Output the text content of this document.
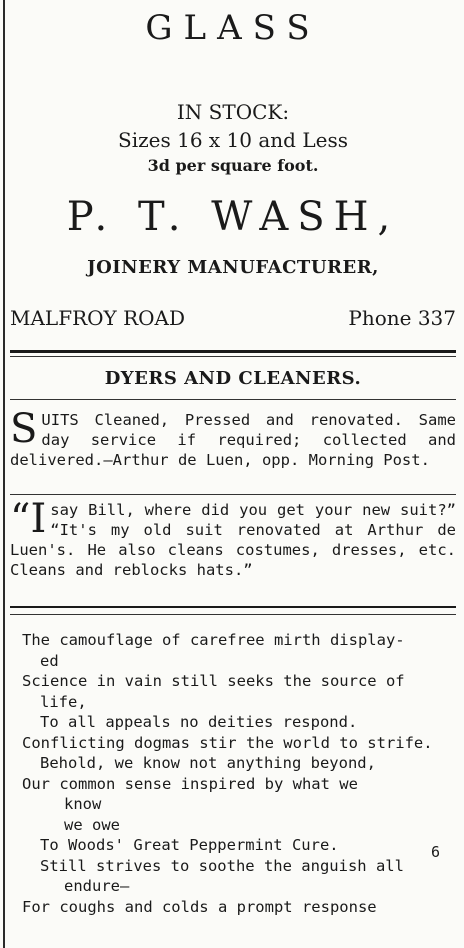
GLASS
IN STOCK:
Sizes 16 x 10 and Less
3d per square foot.
P. T. WASH,
JOINERY MANUFACTURER,
MALFROY ROAD	Phone 337
DYERS AND CLEANERS.
SUITS Cleaned, Pressed and renovated. Same day service if required; collected and delivered.—Arthur de Luen, opp. Morning Post.
“Isay Bill, where did you get your new suit?” “It's my old suit renovated at Arthur de Luen's. He also cleans costumes, dresses, etc. Cleans and reblocks hats.”
The camouflage of carefree mirth display-
ed
Science in vain still seeks the source of
life,
To all appeals no deities respond.
Conflicting dogmas stir the world to strife.
Behold, we know not anything beyond,
Our common sense inspired by what we
know
we owe
To Woods' Great Peppermint Cure.
Still strives to soothe the anguish all
endure—
For coughs and colds a prompt response
6
